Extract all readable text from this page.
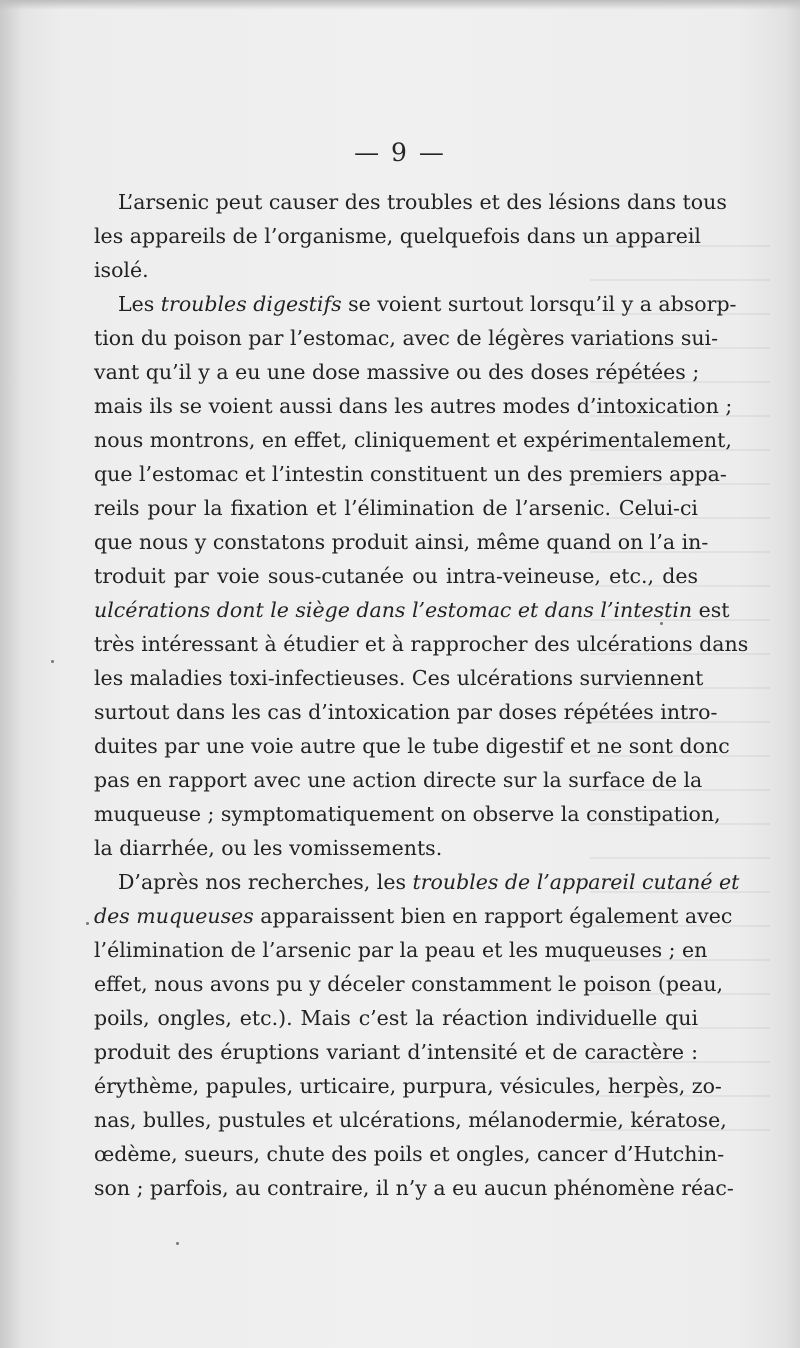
— 9 —
L’arsenic peut causer des troubles et des lésions dans tous
les appareils de l’organisme, quelquefois dans un appareil
isolé.
Les troubles digestifs se voient surtout lorsqu’il y a absorp-
tion du poison par l’estomac, avec de légères variations sui-
vant qu’il y a eu une dose massive ou des doses répétées ;
mais ils se voient aussi dans les autres modes d’intoxication ;
nous montrons, en effet, cliniquement et expérimentalement,
que l’estomac et l’intestin constituent un des premiers appa-
reils pour la fixation et l’élimination de l’arsenic. Celui-ci
que nous y constatons produit ainsi, même quand on l’a in-
troduit par voie sous-cutanée ou intra-veineuse, etc., des
ulcérations dont le siège dans l’estomac et dans l’intestin est
très intéressant à étudier et à rapprocher des ulcérations dans
les maladies toxi-infectieuses. Ces ulcérations surviennent
surtout dans les cas d’intoxication par doses répétées intro-
duites par une voie autre que le tube digestif et ne sont donc
pas en rapport avec une action directe sur la surface de la
muqueuse ; symptomatiquement on observe la constipation,
la diarrhée, ou les vomissements.
D’après nos recherches, les troubles de l’appareil cutané et
des muqueuses apparaissent bien en rapport également avec
l’élimination de l’arsenic par la peau et les muqueuses ; en
effet, nous avons pu y déceler constamment le poison (peau,
poils, ongles, etc.). Mais c’est la réaction individuelle qui
produit des éruptions variant d’intensité et de caractère :
érythème, papules, urticaire, purpura, vésicules, herpès, zo-
nas, bulles, pustules et ulcérations, mélanodermie, kératose,
œdème, sueurs, chute des poils et ongles, cancer d’Hutchin-
son ; parfois, au contraire, il n’y a eu aucun phénomène réac-
